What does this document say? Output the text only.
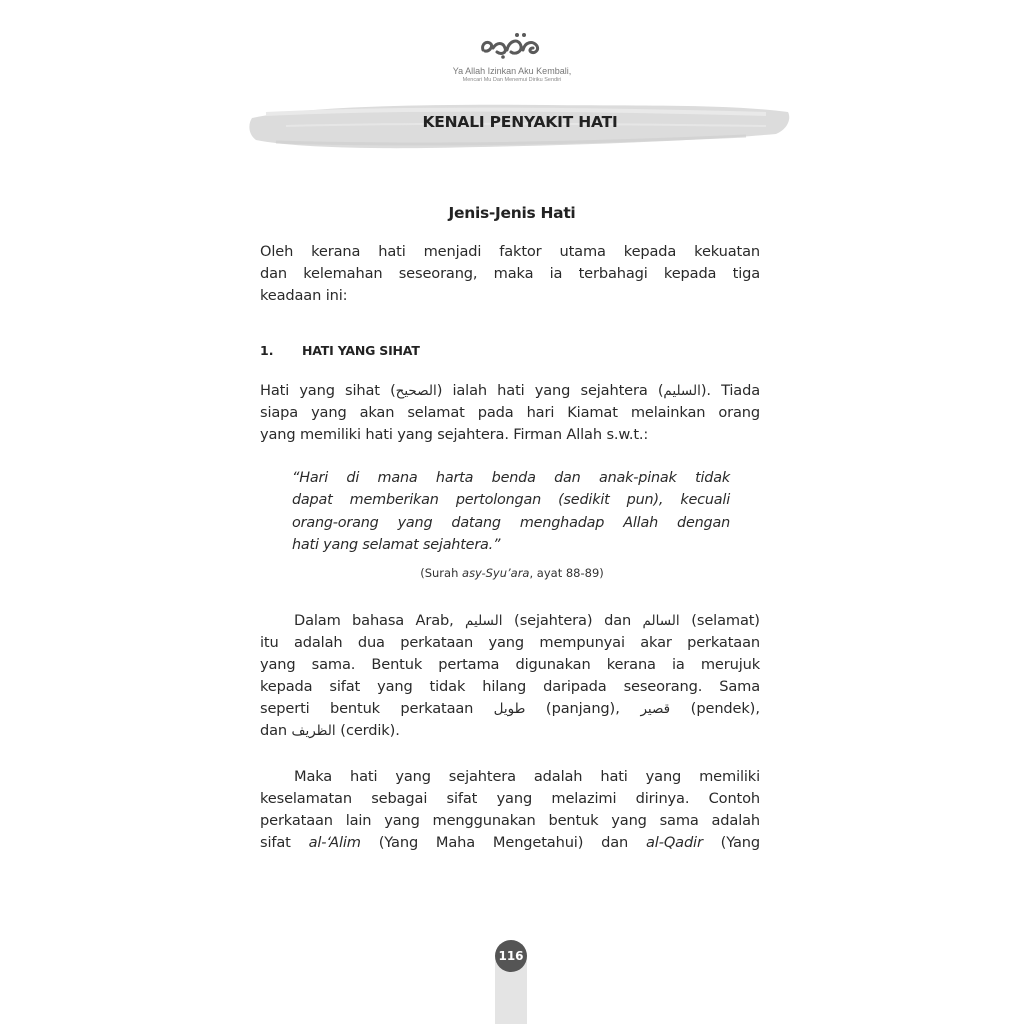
Ya Allah Izinkan Aku Kembali,
Mencari Mu Dan Menemui Diriku Sendiri
KENALI PENYAKIT HATI
Jenis-Jenis Hati
Oleh kerana hati menjadi faktor utama kepada kekuatan
dan kelemahan seseorang, maka ia terbahagi kepada tiga
keadaan ini:
1. HATI YANG SIHAT
Hati yang sihat (الصحيح) ialah hati yang sejahtera (السليم). Tiada
siapa yang akan selamat pada hari Kiamat melainkan orang
yang memiliki hati yang sejahtera. Firman Allah s.w.t.:
“Hari di mana harta benda dan anak-pinak tidak
dapat memberikan pertolongan (sedikit pun), kecuali
orang-orang yang datang menghadap Allah dengan
hati yang selamat sejahtera.”
(Surah asy-Syu’ara, ayat 88-89)
Dalam bahasa Arab, السليم (sejahtera) dan السالم (selamat)
itu adalah dua perkataan yang mempunyai akar perkataan
yang sama. Bentuk pertama digunakan kerana ia merujuk
kepada sifat yang tidak hilang daripada seseorang. Sama
seperti bentuk perkataan طويل (panjang), قصير (pendek),
dan الظريف (cerdik).
Maka hati yang sejahtera adalah hati yang memiliki
keselamatan sebagai sifat yang melazimi dirinya. Contoh
perkataan lain yang menggunakan bentuk yang sama adalah
sifat al-‘Alim (Yang Maha Mengetahui) dan al-Qadir (Yang
116
